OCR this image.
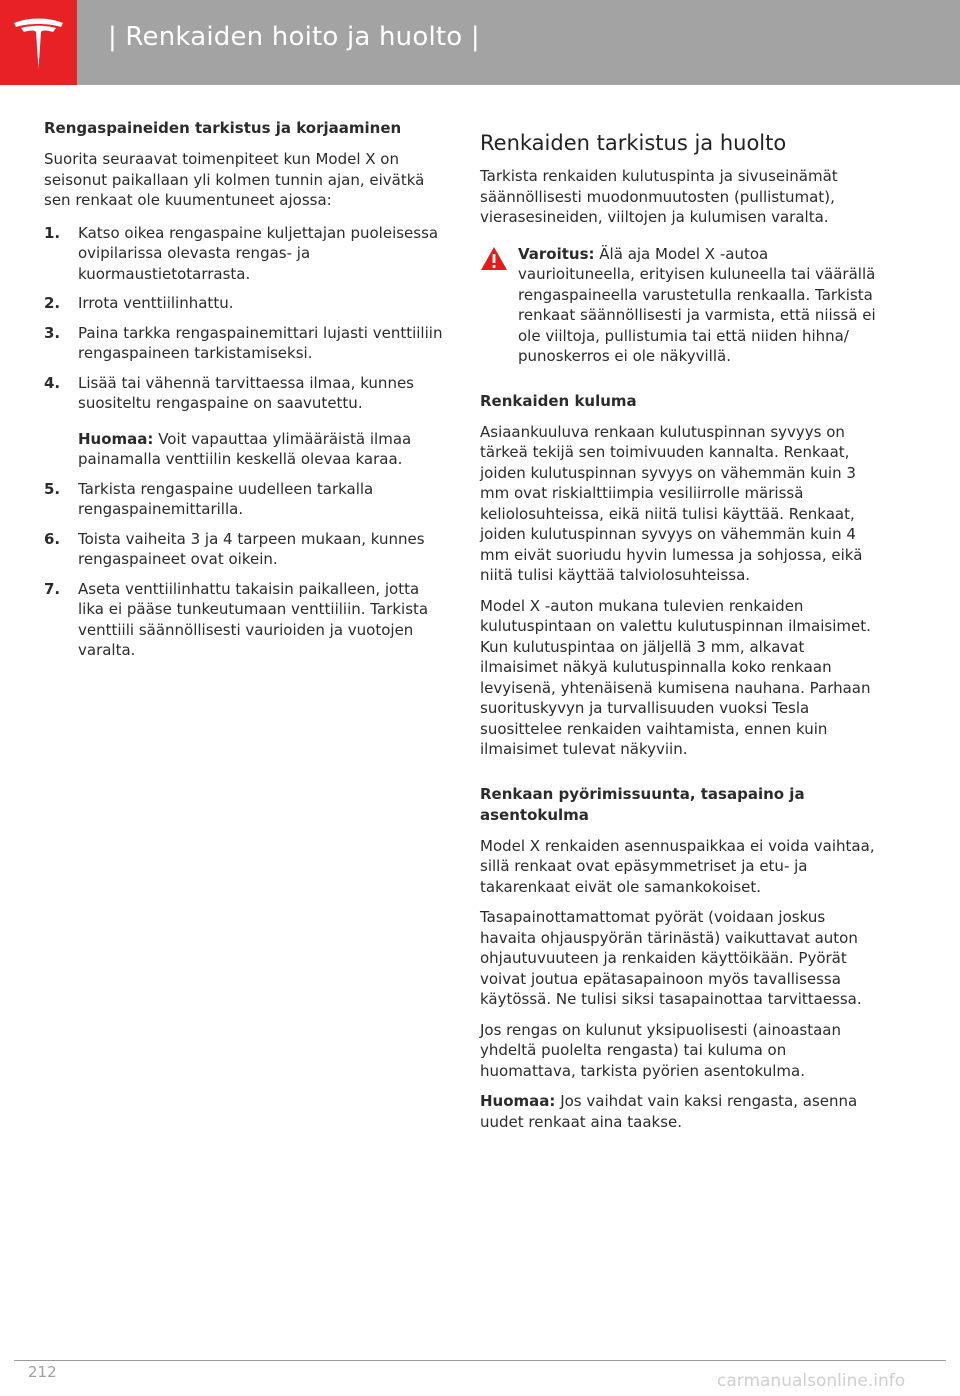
| Renkaiden hoito ja huolto |
Rengaspaineiden tarkistus ja korjaaminen

Suorita seuraavat toimenpiteet kun Model X on seisonut paikallaan yli kolmen tunnin ajan, eivätkä sen renkaat ole kuumentuneet ajossa:

1. Katso oikea rengaspaine kuljettajan puoleisessa ovipilarissa olevasta rengas- ja kuormaustietotarrasta.
2. Irrota venttiilinhattu.
3. Paina tarkka rengaspainemittari lujasti venttiiliin rengaspaineen tarkistamiseksi.
4. Lisää tai vähennä tarvittaessa ilmaa, kunnes suositeltu rengaspaine on saavutettu.

Huomaa: Voit vapauttaa ylimääräistä ilmaa painamalla venttiilin keskellä olevaa karaa.

5. Tarkista rengaspaine uudelleen tarkalla rengaspainemittarilla.
6. Toista vaiheita 3 ja 4 tarpeen mukaan, kunnes rengaspaineet ovat oikein.
7. Aseta venttiilinhattu takaisin paikalleen, jotta lika ei pääse tunkeutumaan venttiiliin. Tarkista venttiili säännöllisesti vaurioiden ja vuotojen varalta.
Renkaiden tarkistus ja huolto

Tarkista renkaiden kulutuspinta ja sivuseinämät säännöllisesti muodonmuutosten (pullistumat), vierasesineiden, viiltojen ja kulumisen varalta.

Varoitus: Älä aja Model X -autoa vaurioituneella, erityisen kuluneella tai väärällä rengaspaineella varustetulla renkaalla. Tarkista renkaat säännöllisesti ja varmista, että niissä ei ole viiltoja, pullistumia tai että niiden hihna/ punoskerros ei ole näkyvillä.

Renkaiden kuluma

Asiaankuuluva renkaan kulutuspinnan syvyys on tärkeä tekijä sen toimivuuden kannalta. Renkaat, joiden kulutuspinnan syvyys on vähemmän kuin 3 mm ovat riskialttiimpia vesiliirrolle märissä keliolosuhteissa, eikä niitä tulisi käyttää. Renkaat, joiden kulutuspinnan syvyys on vähemmän kuin 4 mm eivät suoriudu hyvin lumessa ja sohjossa, eikä niitä tulisi käyttää talviolosuhteissa.

Model X -auton mukana tulevien renkaiden kulutuspintaan on valettu kulutuspinnan ilmaisimet. Kun kulutuspintaa on jäljellä 3 mm, alkavat ilmaisimet näkyä kulutuspinnalla koko renkaan levyisenä, yhtenäisenä kumisena nauhana. Parhaan suorituskyvyn ja turvallisuuden vuoksi Tesla suosittelee renkaiden vaihtamista, ennen kuin ilmaisimet tulevat näkyviin.

Renkaan pyörimissuunta, tasapaino ja asentokulma

Model X renkaiden asennuspaikkaa ei voida vaihtaa, sillä renkaat ovat epäsymmetriset ja etu- ja takarenkaat eivät ole samankokoiset.

Tasapainottamattomat pyörät (voidaan joskus havaita ohjauspyörän tärinästä) vaikuttavat auton ohjautuvuuteen ja renkaiden käyttöikään. Pyörät voivat joutua epätasapainoon myös tavallisessa käytössä. Ne tulisi siksi tasapainottaa tarvittaessa.

Jos rengas on kulunut yksipuolisesti (ainoastaan yhdeltä puolelta rengasta) tai kuluma on huomattava, tarkista pyörien asentokulma.

Huomaa: Jos vaihdat vain kaksi rengasta, asenna uudet renkaat aina taakse.

212	carmanualsonline.info
